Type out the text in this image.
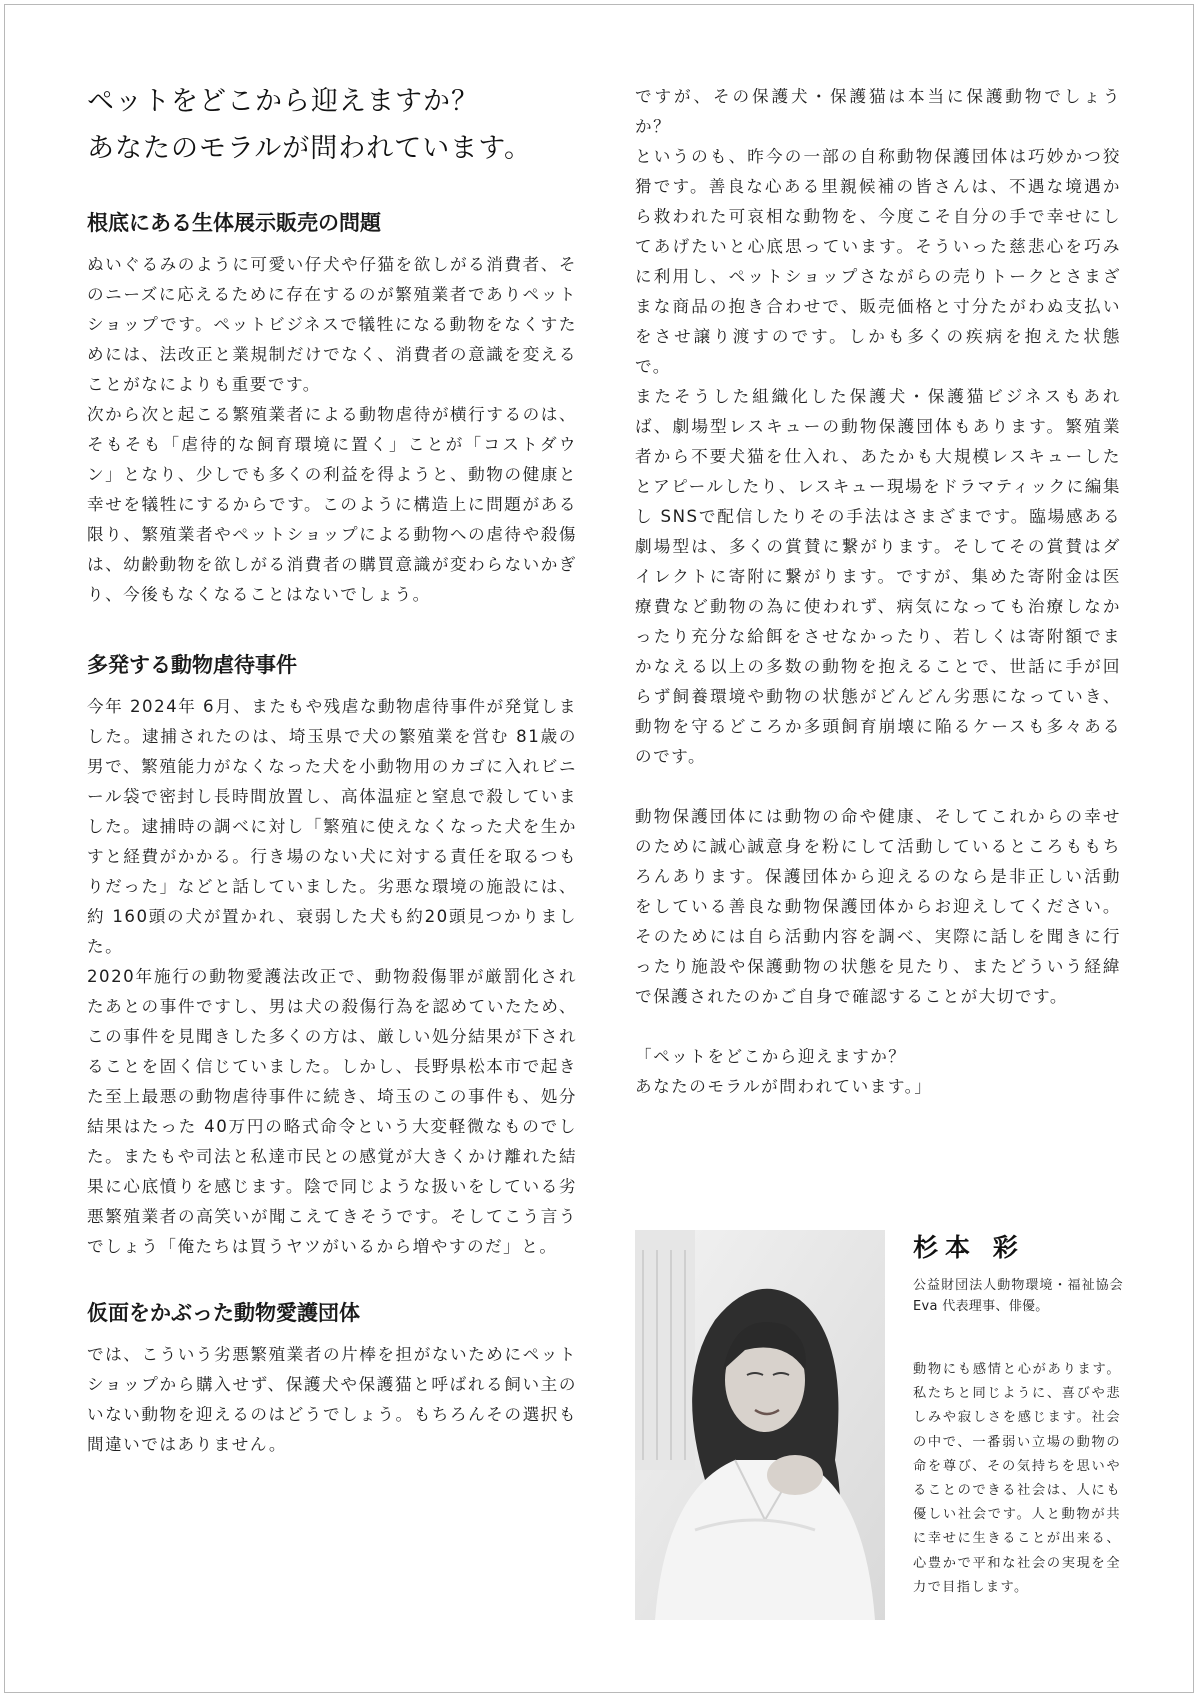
ペットをどこから迎えますか？
あなたのモラルが問われています。
根底にある生体展示販売の問題

ぬいぐるみのように可愛い仔犬や仔猫を欲しがる消費者、そのニーズに応えるために存在するのが繁殖業者でありペットショップです。ペットビジネスで犠牲になる動物をなくすためには、法改正と業規制だけでなく、消費者の意識を変えることがなによりも重要です。

次から次と起こる繁殖業者による動物虐待が横行するのは、そもそも「虐待的な飼育環境に置く」ことが「コストダウン」となり、少しでも多くの利益を得ようと、動物の健康と幸せを犠牲にするからです。このように構造上に問題がある限り、繁殖業者やペットショップによる動物への虐待や殺傷は、幼齢動物を欲しがる消費者の購買意識が変わらないかぎり、今後もなくなることはないでしょう。

多発する動物虐待事件

今年 2024年 6月、またもや残虐な動物虐待事件が発覚しました。逮捕されたのは、埼玉県で犬の繁殖業を営む 81歳の男で、繁殖能力がなくなった犬を小動物用のカゴに入れビニール袋で密封し長時間放置し、高体温症と窒息で殺していました。逮捕時の調べに対し「繁殖に使えなくなった犬を生かすと経費がかかる。行き場のない犬に対する責任を取るつもりだった」などと話していました。劣悪な環境の施設には、約 160頭の犬が置かれ、衰弱した犬も約20頭見つかりました。

2020年施行の動物愛護法改正で、動物殺傷罪が厳罰化されたあとの事件ですし、男は犬の殺傷行為を認めていたため、この事件を見聞きした多くの方は、厳しい処分結果が下されることを固く信じていました。しかし、長野県松本市で起きた至上最悪の動物虐待事件に続き、埼玉のこの事件も、処分結果はたった 40万円の略式命令という大変軽微なものでした。またもや司法と私達市民との感覚が大きくかけ離れた結果に心底憤りを感じます。陰で同じような扱いをしている劣悪繁殖業者の高笑いが聞こえてきそうです。そしてこう言うでしょう「俺たちは買うヤツがいるから増やすのだ」と。

仮面をかぶった動物愛護団体

では、こういう劣悪繁殖業者の片棒を担がないためにペットショップから購入せず、保護犬や保護猫と呼ばれる飼い主のいない動物を迎えるのはどうでしょう。もちろんその選択も間違いではありません。

ですが、その保護犬・保護猫は本当に保護動物でしょうか？

というのも、昨今の一部の自称動物保護団体は巧妙かつ狡猾です。善良な心ある里親候補の皆さんは、不遇な境遇から救われた可哀相な動物を、今度こそ自分の手で幸せにしてあげたいと心底思っています。そういった慈悲心を巧みに利用し、ペットショップさながらの売りトークとさまざまな商品の抱き合わせで、販売価格と寸分たがわぬ支払いをさせ譲り渡すのです。しかも多くの疾病を抱えた状態で。

またそうした組織化した保護犬・保護猫ビジネスもあれば、劇場型レスキューの動物保護団体もあります。繁殖業者から不要犬猫を仕入れ、あたかも大規模レスキューしたとアピールしたり、レスキュー現場をドラマティックに編集し SNSで配信したりその手法はさまざまです。臨場感ある劇場型は、多くの賞賛に繋がります。そしてその賞賛はダイレクトに寄附に繋がります。ですが、集めた寄附金は医療費など動物の為に使われず、病気になっても治療しなかったり充分な給餌をさせなかったり、若しくは寄附額でまかなえる以上の多数の動物を抱えることで、世話に手が回らず飼養環境や動物の状態がどんどん劣悪になっていき、動物を守るどころか多頭飼育崩壊に陥るケースも多々あるのです。

動物保護団体には動物の命や健康、そしてこれからの幸せのために誠心誠意身を粉にして活動しているところももちろんあります。保護団体から迎えるのなら是非正しい活動をしている善良な動物保護団体からお迎えしてください。そのためには自ら活動内容を調べ、実際に話しを聞きに行ったり施設や保護動物の状態を見たり、またどういう経緯で保護されたのかご自身で確認することが大切です。

「ペットをどこから迎えますか？
あなたのモラルが問われています。」

杉本 彩

公益財団法人動物環境・福祉協会 Eva 代表理事、俳優。

動物にも感情と心があります。私たちと同じように、喜びや悲しみや寂しさを感じます。社会の中で、一番弱い立場の動物の命を尊び、その気持ちを思いやることのできる社会は、人にも優しい社会です。人と動物が共に幸せに生きることが出来る、心豊かで平和な社会の実現を全力で目指します。
